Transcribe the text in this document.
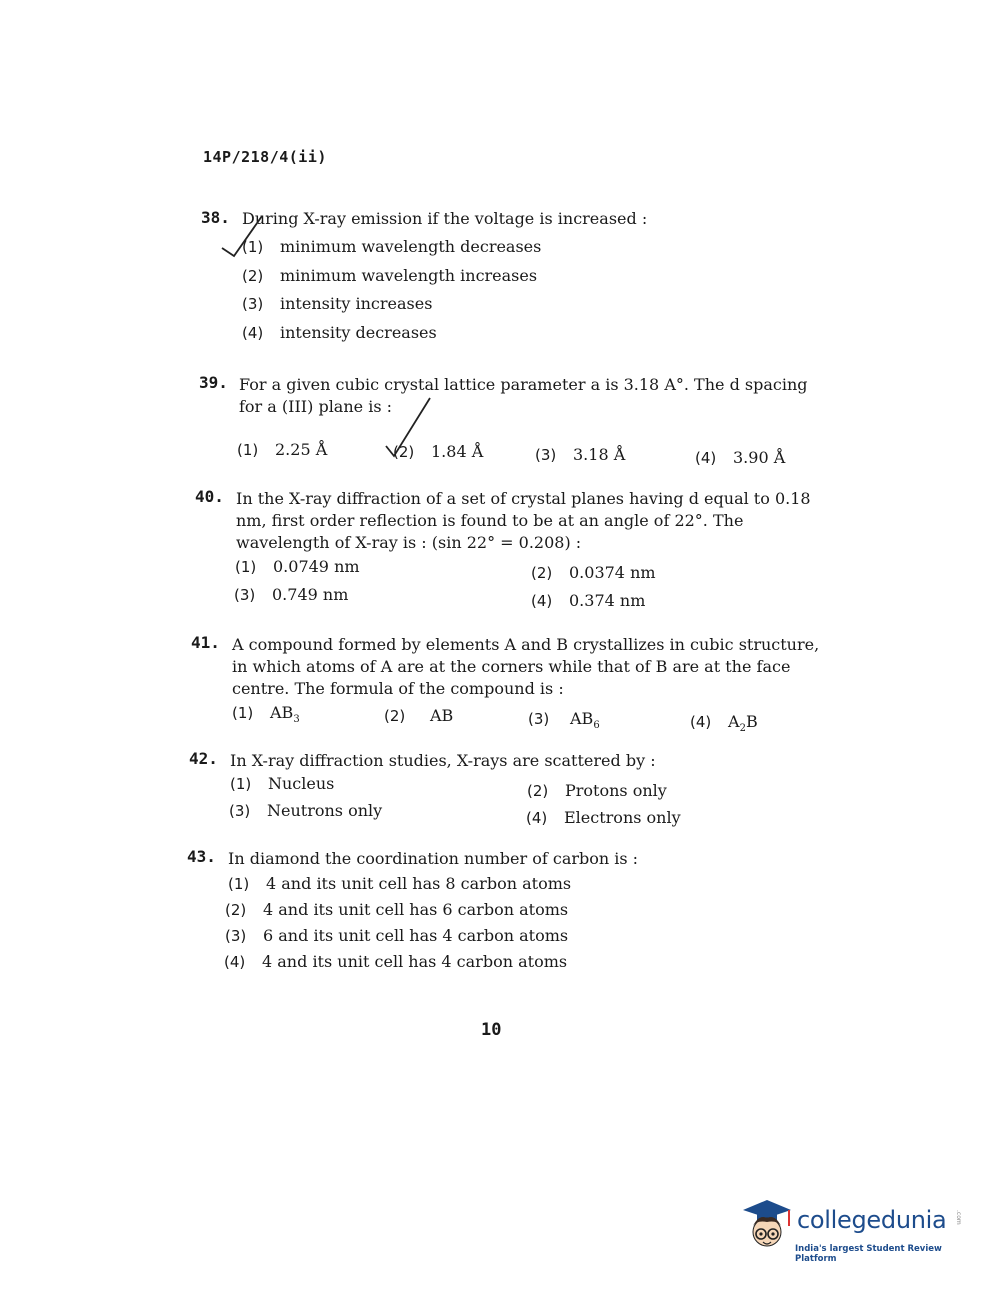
14P/218/4(ii)
38. During X-ray emission if the voltage is increased :
(1) minimum wavelength decreases
(2) minimum wavelength increases
(3) intensity increases
(4) intensity decreases
39. For a given cubic crystal lattice parameter a is 3.18 A°. The d spacing for a (III) plane is :
(1) 2.25 Å	(2) 1.84 Å	(3) 3.18 Å	(4) 3.90 Å
40. In the X-ray diffraction of a set of crystal planes having d equal to 0.18 nm, first order reflection is found to be at an angle of 22°. The wavelength of X-ray is : (sin 22° = 0.208) :
(1) 0.0749 nm	(2) 0.0374 nm
(3) 0.749 nm	(4) 0.374 nm
41. A compound formed by elements A and B crystallizes in cubic structure, in which atoms of A are at the corners while that of B are at the face centre. The formula of the compound is :
(1) $AB_3$	(2) AB	(3) $AB_6$	(4) $A_2B$
42. In X-ray diffraction studies, X-rays are scattered by :
(1) Nucleus	(2) Protons only
(3) Neutrons only	(4) Electrons only
43. In diamond the coordination number of carbon is :
(1) 4 and its unit cell has 8 carbon atoms
(2) 4 and its unit cell has 6 carbon atoms
(3) 6 and its unit cell has 4 carbon atoms
(4) 4 and its unit cell has 4 carbon atoms
10
collegedunia .com
India's largest Student Review Platform
